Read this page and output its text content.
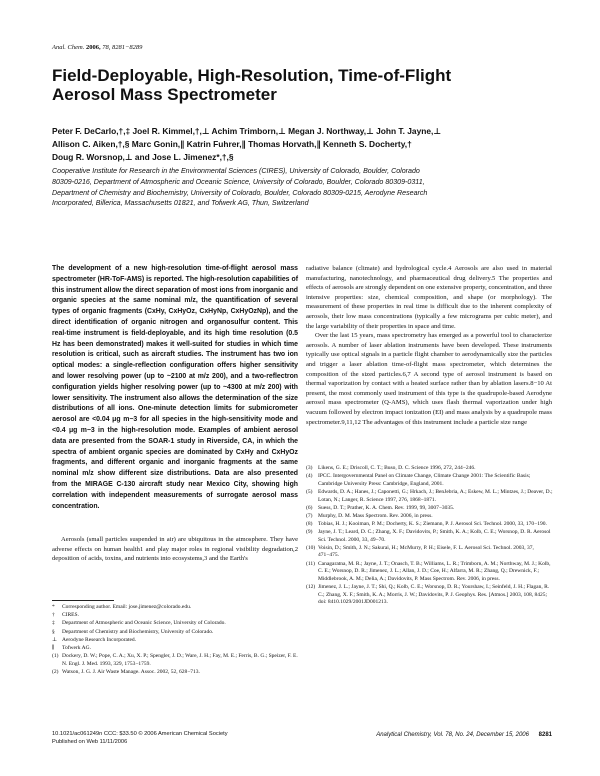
Anal. Chem. 2006, 78, 8281−8289
Field-Deployable, High-Resolution, Time-of-Flight
Aerosol Mass Spectrometer
Peter F. DeCarlo,†,‡ Joel R. Kimmel,†,⊥ Achim Trimborn,⊥ Megan J. Northway,⊥ John T. Jayne,⊥
Allison C. Aiken,†,§ Marc Gonin,∥ Katrin Fuhrer,∥ Thomas Horvath,∥ Kenneth S. Docherty,†
Doug R. Worsnop,⊥ and Jose L. Jimenez*,†,§
Cooperative Institute for Research in the Environmental Sciences (CIRES), University of Colorado, Boulder, Colorado
80309-0216, Department of Atmospheric and Oceanic Science, University of Colorado, Boulder, Colorado 80309-0311,
Department of Chemistry and Biochemistry, University of Colorado, Boulder, Colorado 80309-0215, Aerodyne Research
Incorporated, Billerica, Massachusetts 01821, and Tofwerk AG, Thun, Switzerland

The development of a new high-resolution time-of-flight aerosol mass spectrometer (HR-ToF-AMS) is reported. The high-resolution capabilities of this instrument allow the direct separation of most ions from inorganic and organic species at the same nominal m/z, the quantification of several types of organic fragments (CxHy, CxHyOz, CxHyNp, CxHyOzNp), and the direct identification of organic nitrogen and organosulfur content. This real-time instrument is field-deployable, and its high time resolution (0.5 Hz has been demonstrated) makes it well-suited for studies in which time resolution is critical, such as aircraft studies. The instrument has two ion optical modes: a single-reflection configuration offers higher sensitivity and lower resolving power (up to ~2100 at m/z 200), and a two-reflectron configuration yields higher resolving power (up to ~4300 at m/z 200) with lower sensitivity. The instrument also allows the determination of the size distributions of all ions. One-minute detection limits for submicrometer aerosol are <0.04 μg m−3 for all species in the high-sensitivity mode and <0.4 μg m−3 in the high-resolution mode. Examples of ambient aerosol data are presented from the SOAR-1 study in Riverside, CA, in which the spectra of ambient organic species are dominated by CxHy and CxHyOz fragments, and different organic and inorganic fragments at the same nominal m/z show different size distributions. Data are also presented from the MIRAGE C-130 aircraft study near Mexico City, showing high correlation with independent measurements of surrogate aerosol mass concentration.

Aerosols (small particles suspended in air) are ubiquitous in the atmosphere. They have adverse effects on human health1 and play major roles in regional visibility degradation,2 deposition of acids, toxins, and nutrients into ecosystems,3 and the Earth's

*	Corresponding author. Email: jose.jimenez@colorado.edu.
†	CIRES.
‡	Department of Atmospheric and Oceanic Science, University of Colorado.
§	Department of Chemistry and Biochemistry, University of Colorado.
⊥ Aerodyne Research Incorporated.
∥	Tofwerk AG.
(1) Dockery, D. W.; Pope, C. A.; Xu, X. P.; Spengler, J. D.; Ware, J. H.; Fay, M. E.; Ferris, B. G.; Speizer, F. E. N. Engl. J. Med. 1993, 329, 1753−1759.
(2) Watson, J. G. J. Air Waste Manage. Assoc. 2002, 52, 628−713.

radiative balance (climate) and hydrological cycle.4 Aerosols are also used in material manufacturing, nanotechnology, and pharmaceutical drug delivery.5 The properties and effects of aerosols are strongly dependent on one extensive property, concentration, and three intensive properties: size, chemical composition, and shape (or morphology). The measurement of these properties in real time is difficult due to the inherent complexity of aerosols, their low mass concentrations (typically a few micrograms per cubic meter), and the large variability of their properties in space and time.

Over the last 15 years, mass spectrometry has emerged as a powerful tool to characterize aerosols. A number of laser ablation instruments have been developed. These instruments typically use optical signals in a particle flight chamber to aerodynamically size the particles and trigger a laser ablation time-of-flight mass spectrometer, which determines the composition of the sized particles.6,7 A second type of aerosol instrument is based on thermal vaporization by contact with a heated surface rather than by ablation lasers.8−10 At present, the most commonly used instrument of this type is the quadrupole-based Aerodyne aerosol mass spectrometer (Q-AMS), which uses flash thermal vaporization under high vacuum followed by electron impact ionization (EI) and mass analysis by a quadrupole mass spectrometer.9,11,12 The advantages of this instrument include a particle size range

(3)	Likens, G. E.; Driscoll, C. T.; Buso, D. C. Science 1996, 272, 244−246.
(4)	IPCC. Intergovernmental Panel on Climate Change, Climate Change 2001: The Scientific Basis; Cambridge University Press: Cambridge, England, 2001.
(5)	Edwards, D. A.; Hanes, J.; Caponetti, G.; Hrkach, J.; BenJebria, A.; Eskew, M. L.; Mintzes, J.; Deaver, D.; Lotan, N.; Langer, R. Science 1997, 276, 1868−1871.
(6)	Suess, D. T.; Prather, K. A. Chem. Rev. 1999, 99, 3007−3035.
(7)	Murphy, D. M. Mass Spectrom. Rev. 2006, in press.
(8)	Tobias, H. J.; Kooiman, P. M.; Docherty, K. S.; Ziemann, P. J. Aerosol Sci. Technol. 2000, 33, 170−190.
(9)	Jayne, J. T.; Leard, D. C.; Zhang, X. F.; Davidovits, P.; Smith, K. A.; Kolb, C. E.; Worsnop, D. R. Aerosol Sci. Technol. 2000, 33, 49−70.
(10) Voisin, D.; Smith, J. N.; Sakurai, H.; McMurry, P. H.; Eisele, F. L. Aerosol Sci. Technol. 2003, 37, 471−475.
(11) Canagaratna, M. R.; Jayne, J. T.; Onasch, T. B.; Williams, L. R.; Trimborn, A. M.; Northway, M. J.; Kolb, C. E.; Worsnop, D. R.; Jimenez, J. L.; Allan, J. D.; Coe, H.; Alfarra, M. R.; Zhang, Q.; Drewnick, F.; Middlebrook, A. M.; Delia, A.; Davidovits, P. Mass Spectrom. Rev. 2006, in press.
(12) Jimenez, J. L.; Jayne, J. T.; Shi, Q.; Kolb, C. E.; Worsnop, D. R.; Yourshaw, I.; Seinfeld, J. H.; Flagan, R. C.; Zhang, X. F.; Smith, K. A.; Morris, J. W.; Davidovits, P. J. Geophys. Res. [Atmos.] 2003, 108, 8425; doi: 8410.1029/2001JD001213.
10.1021/ac061249n CCC: $33.50 © 2006 American Chemical Society
Published on Web 11/11/2006
Analytical Chemistry, Vol. 78, No. 24, December 15, 2006 8281
